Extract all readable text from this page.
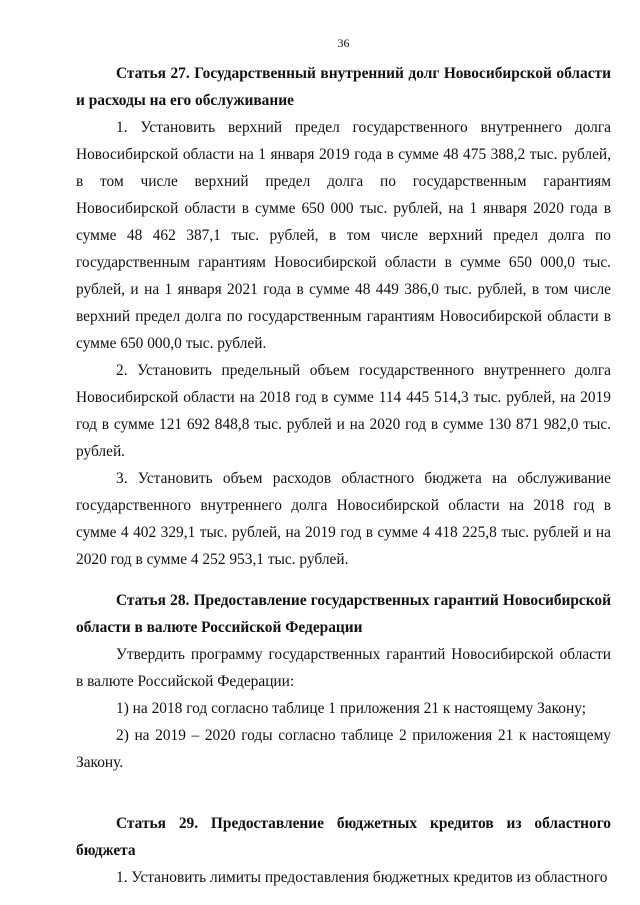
36

Статья 27. Государственный внутренний долг Новосибирской области и расходы на его обслуживание

1. Установить верхний предел государственного внутреннего долга Новосибирской области на 1 января 2019 года в сумме 48 475 388,2 тыс. рублей, в том числе верхний предел долга по государственным гарантиям Новосибирской области в сумме 650 000 тыс. рублей, на 1 января 2020 года в сумме 48 462 387,1 тыс. рублей, в том числе верхний предел долга по государственным гарантиям Новосибирской области в сумме 650 000,0 тыс. рублей, и на 1 января 2021 года в сумме 48 449 386,0 тыс. рублей, в том числе верхний предел долга по государственным гарантиям Новосибирской области в сумме 650 000,0 тыс. рублей.

2. Установить предельный объем государственного внутреннего долга Новосибирской области на 2018 год в сумме 114 445 514,3 тыс. рублей, на 2019 год в сумме 121 692 848,8 тыс. рублей и на 2020 год в сумме 130 871 982,0 тыс. рублей.

3. Установить объем расходов областного бюджета на обслуживание государственного внутреннего долга Новосибирской области на 2018 год в сумме 4 402 329,1 тыс. рублей, на 2019 год в сумме 4 418 225,8 тыс. рублей и на 2020 год в сумме 4 252 953,1 тыс. рублей.

Статья 28. Предоставление государственных гарантий Новосибирской области в валюте Российской Федерации

Утвердить программу государственных гарантий Новосибирской области в валюте Российской Федерации:

1) на 2018 год согласно таблице 1 приложения 21 к настоящему Закону;

2) на 2019 – 2020 годы согласно таблице 2 приложения 21 к настоящему Закону.

Статья 29. Предоставление бюджетных кредитов из областного бюджета

1. Установить лимиты предоставления бюджетных кредитов из областного
